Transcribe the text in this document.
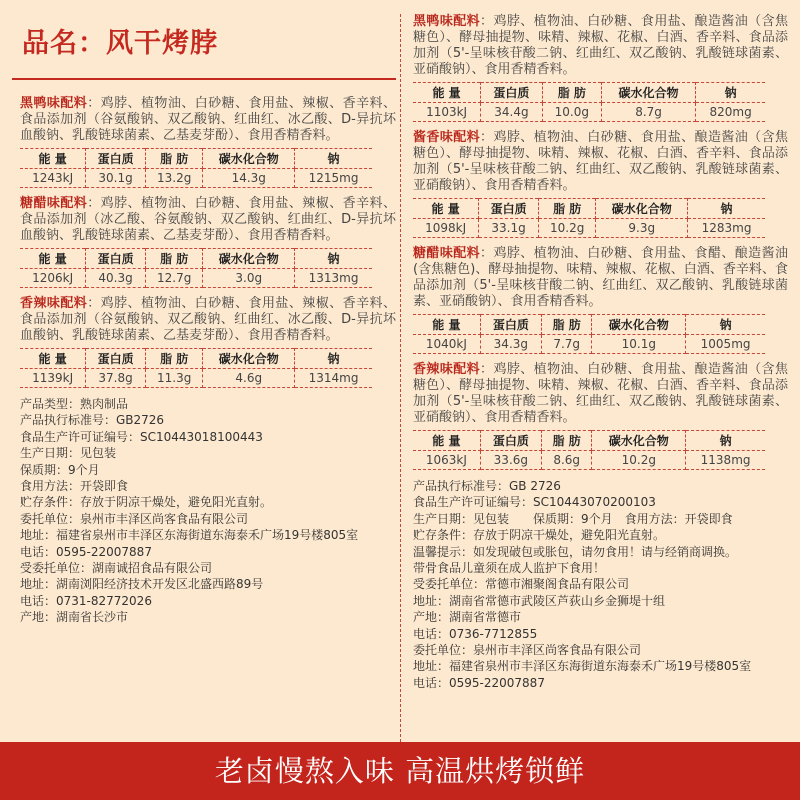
品名：风干烤脖
黑鸭味配料：鸡脖、植物油、白砂糖、食用盐、辣椒、香辛料、食品添加剂（谷氨酸钠、双乙酸钠、红曲红、冰乙酸、D-异抗坏血酸钠、乳酸链球菌素、乙基麦芽酚）、食用香精香料。
能 量	蛋白质	脂 肪	碳水化合物	钠
1243kJ	30.1g	13.2g	14.3g	1215mg
糖醋味配料：鸡脖、植物油、白砂糖、食用盐、辣椒、香辛料、食品添加剂（冰乙酸、谷氨酸钠、双乙酸钠、红曲红、D-异抗坏血酸钠、乳酸链球菌素、乙基麦芽酚）、食用香精香料。
能 量	蛋白质	脂 肪	碳水化合物	钠
1206kJ	40.3g	12.7g	3.0g	1313mg
香辣味配料：鸡脖、植物油、白砂糖、食用盐、辣椒、香辛料、食品添加剂（谷氨酸钠、双乙酸钠、红曲红、冰乙酸、D-异抗坏血酸钠、乳酸链球菌素、乙基麦芽酚）、食用香精香料。
能 量	蛋白质	脂 肪	碳水化合物	钠
1139kJ	37.8g	11.3g	4.6g	1314mg
产品类型：熟肉制品
产品执行标准号：GB2726
食品生产许可证编号：SC10443018100443
生产日期：见包装
保质期：9个月
食用方法：开袋即食
贮存条件：存放于阴凉干燥处，避免阳光直射。
委托单位：泉州市丰泽区尚客食品有限公司
地址：福建省泉州市丰泽区东海街道东海泰禾广场19号楼805室
电话：0595-22007887
受委托单位：湖南诚招食品有限公司
地址：湖南浏阳经济技术开发区北盛西路89号
电话：0731-82772026
产地：湖南省长沙市
黑鸭味配料：鸡脖、植物油、白砂糖、食用盐、酿造酱油（含焦糖色）、酵母抽提物、味精、辣椒、花椒、白酒、香辛料、食品添加剂（5'-呈味核苷酸二钠、红曲红、双乙酸钠、乳酸链球菌素、亚硝酸钠）、食用香精香料。
能 量	蛋白质	脂 肪	碳水化合物	钠
1103kJ	34.4g	10.0g	8.7g	820mg
酱香味配料：鸡脖、植物油、白砂糖、食用盐、酿造酱油（含焦糖色）、酵母抽提物、味精、辣椒、花椒、白酒、香辛料、食品添加剂（5'-呈味核苷酸二钠、红曲红、双乙酸钠、乳酸链球菌素、亚硝酸钠）、食用香精香料。
能 量	蛋白质	脂 肪	碳水化合物	钠
1098kJ	33.1g	10.2g	9.3g	1283mg
糖醋味配料：鸡脖、植物油、白砂糖、食用盐、食醋、酿造酱油(含焦糖色)、酵母抽提物、味精、辣椒、花椒、白酒、香辛料、食品添加剂（5'-呈味核苷酸二钠、红曲红、双乙酸钠、乳酸链球菌素、亚硝酸钠）、食用香精香料。
能 量	蛋白质	脂 肪	碳水化合物	钠
1040kJ	34.3g	7.7g	10.1g	1005mg
香辣味配料：鸡脖、植物油、白砂糖、食用盐、酿造酱油（含焦糖色）、酵母抽提物、味精、辣椒、花椒、白酒、香辛料、食品添加剂（5'-呈味核苷酸二钠、红曲红、双乙酸钠、乳酸链球菌素、亚硝酸钠）、食用香精香料。
能 量	蛋白质	脂 肪	碳水化合物	钠
1063kJ	33.6g	8.6g	10.2g	1138mg
产品执行标准号：GB 2726
食品生产许可证编号：SC10443070200103
生产日期：见包装　　保质期：9个月　食用方法：开袋即食
贮存条件：存放于阴凉干燥处，避免阳光直射。
温馨提示：如发现破包或胀包，请勿食用！请与经销商调换。
带骨食品儿童须在成人监护下食用！
受委托单位：常德市湘聚阁食品有限公司
地址：湖南省常德市武陵区芦荻山乡金狮堤十组
产地：湖南省常德市
电话：0736-7712855
委托单位：泉州市丰泽区尚客食品有限公司
地址：福建省泉州市丰泽区东海街道东海泰禾广场19号楼805室
电话：0595-22007887
老卤慢熬入味 高温烘烤锁鲜
